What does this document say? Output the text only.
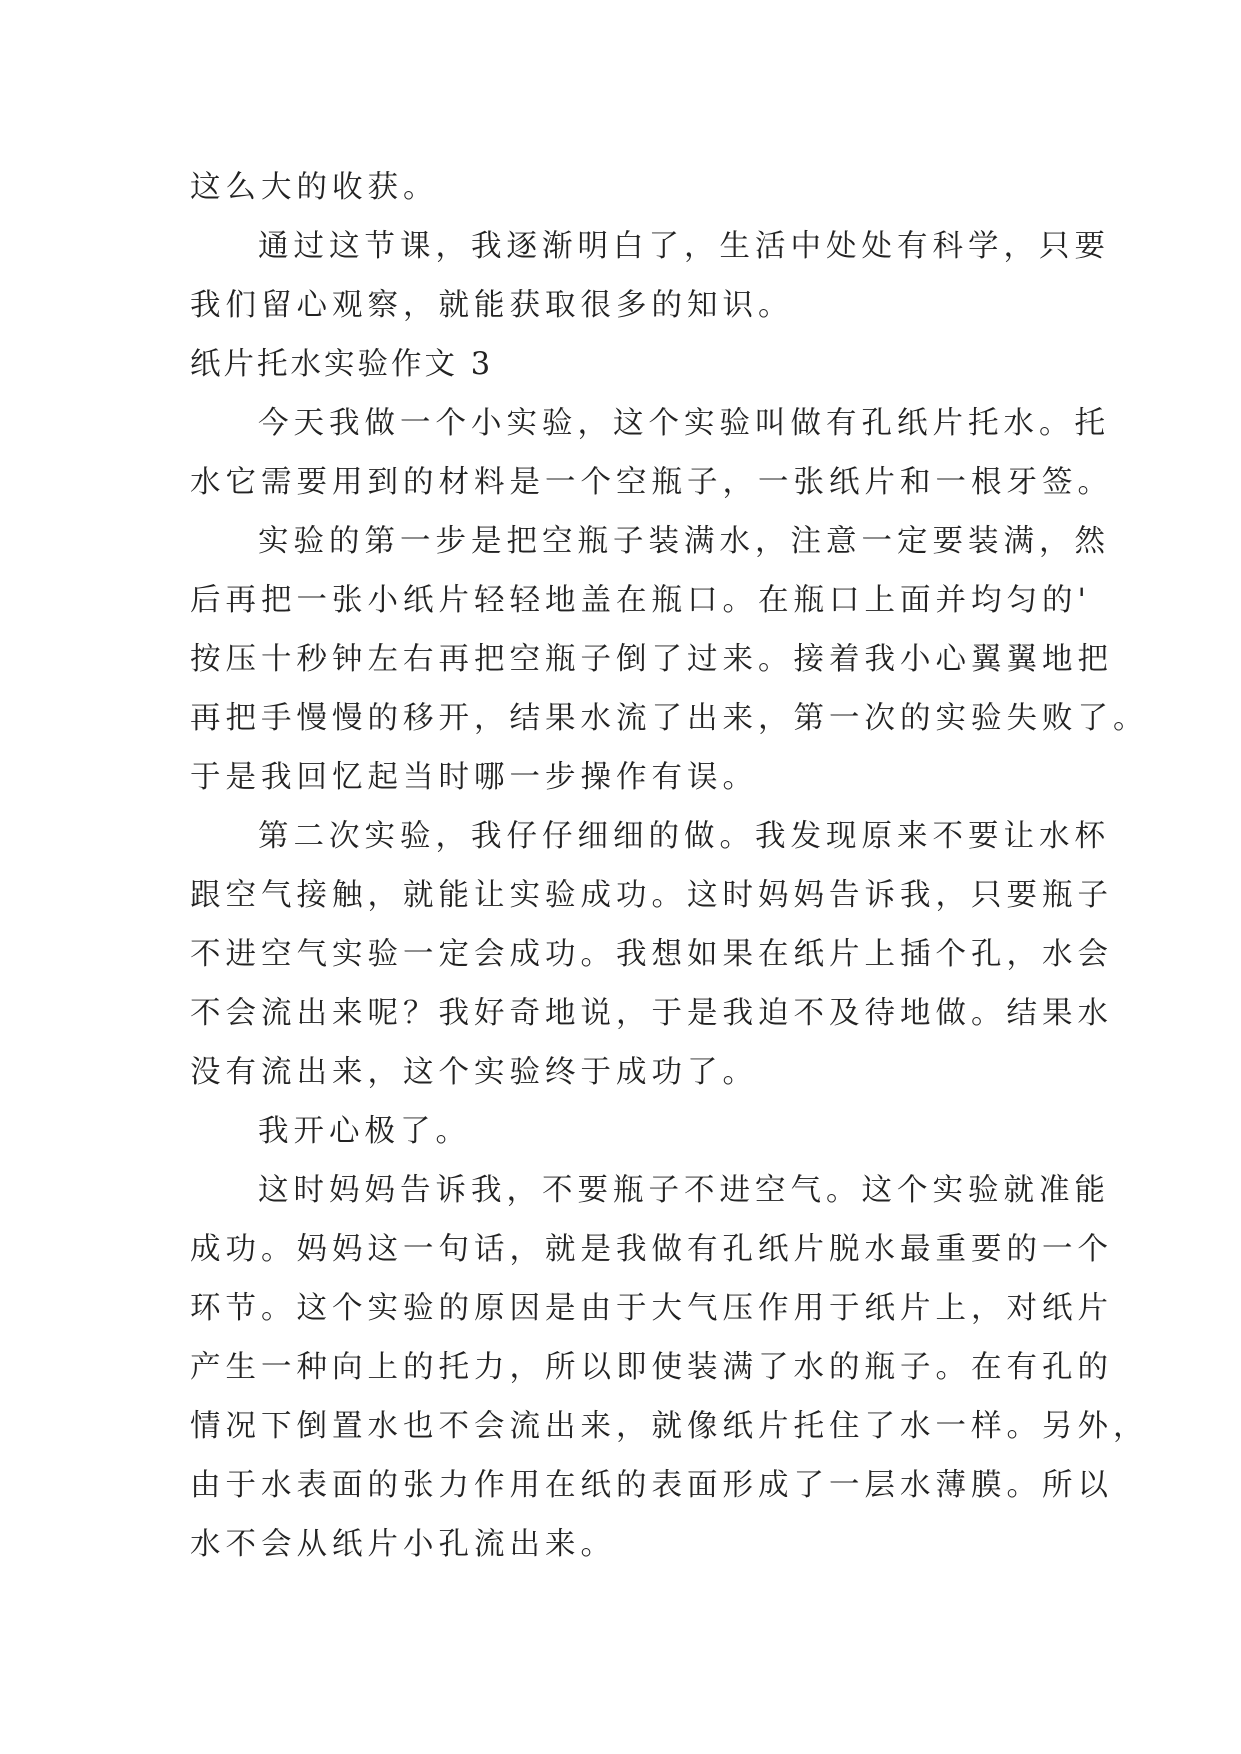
这么大的收获。
通过这节课，我逐渐明白了，生活中处处有科学，只要
我们留心观察，就能获取很多的知识。
纸片托水实验作文 3
今天我做一个小实验，这个实验叫做有孔纸片托水。托
水它需要用到的材料是一个空瓶子，一张纸片和一根牙签。
实验的第一步是把空瓶子装满水，注意一定要装满，然
后再把一张小纸片轻轻地盖在瓶口。在瓶口上面并均匀的'
按压十秒钟左右再把空瓶子倒了过来。接着我小心翼翼地把
再把手慢慢的移开，结果水流了出来，第一次的实验失败了。
于是我回忆起当时哪一步操作有误。
第二次实验，我仔仔细细的做。我发现原来不要让水杯
跟空气接触，就能让实验成功。这时妈妈告诉我，只要瓶子
不进空气实验一定会成功。我想如果在纸片上插个孔，水会
不会流出来呢？我好奇地说，于是我迫不及待地做。结果水
没有流出来，这个实验终于成功了。
我开心极了。
这时妈妈告诉我，不要瓶子不进空气。这个实验就准能
成功。妈妈这一句话，就是我做有孔纸片脱水最重要的一个
环节。这个实验的原因是由于大气压作用于纸片上，对纸片
产生一种向上的托力，所以即使装满了水的瓶子。在有孔的
情况下倒置水也不会流出来，就像纸片托住了水一样。另外，
由于水表面的张力作用在纸的表面形成了一层水薄膜。所以
水不会从纸片小孔流出来。
